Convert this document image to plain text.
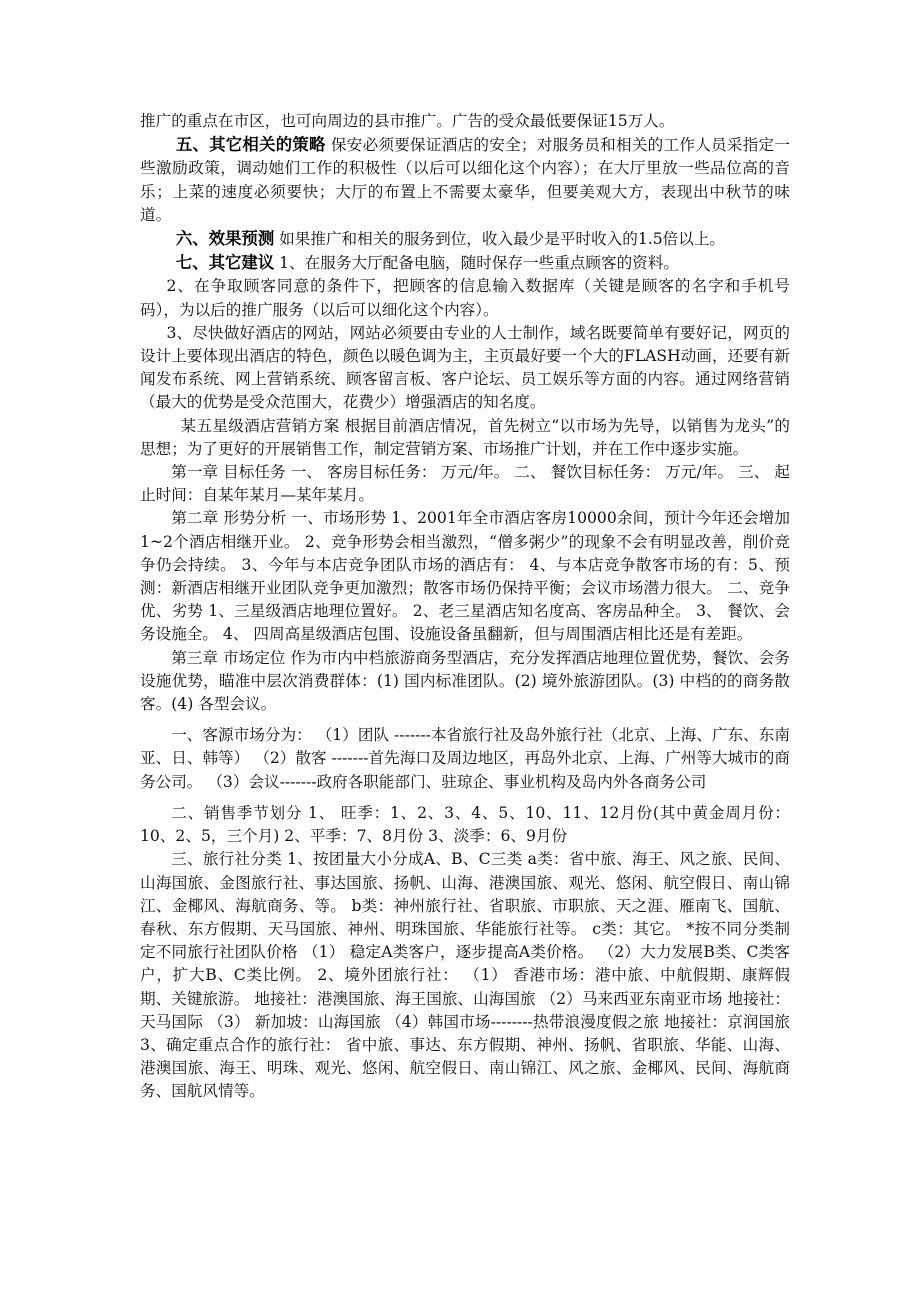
推广的重点在市区，也可向周边的县市推广。广告的受众最低要保证15万人。

五、其它相关的策略 保安必须要保证酒店的安全；对服务员和相关的工作人员采指定一些激励政策，调动她们工作的积极性（以后可以细化这个内容）；在大厅里放一些品位高的音乐；上菜的速度必须要快；大厅的布置上不需要太豪华，但要美观大方，表现出中秋节的味道。

六、效果预测 如果推广和相关的服务到位，收入最少是平时收入的1.5倍以上。

七、其它建议 1、在服务大厅配备电脑，随时保存一些重点顾客的资料。

2、在争取顾客同意的条件下，把顾客的信息输入数据库（关键是顾客的名字和手机号码），为以后的推广服务（以后可以细化这个内容）。

3、尽快做好酒店的网站，网站必须要由专业的人士制作，域名既要简单有要好记，网页的设计上要体现出酒店的特色，颜色以暖色调为主，主页最好要一个大的FLASH动画，还要有新闻发布系统、网上营销系统、顾客留言板、客户论坛、员工娱乐等方面的内容。通过网络营销（最大的优势是受众范围大，花费少）增强酒店的知名度。

某五星级酒店营销方案 根据目前酒店情况，首先树立“以市场为先导，以销售为龙头”的思想；为了更好的开展销售工作，制定营销方案、市场推广计划，并在工作中逐步实施。

第一章 目标任务 一、 客房目标任务： 万元/年。 二、 餐饮目标任务： 万元/年。 三、 起止时间：自某年某月—某年某月。

第二章 形势分析 一、市场形势 1、2001年全市酒店客房10000余间，预计今年还会增加1~2个酒店相继开业。 2、竞争形势会相当激烈，“僧多粥少”的现象不会有明显改善，削价竞争仍会持续。 3、今年与本店竞争团队市场的酒店有： 4、与本店竞争散客市场的有：5、预测：新酒店相继开业团队竞争更加激烈；散客市场仍保持平衡；会议市场潜力很大。 二、竞争优、劣势 1、三星级酒店地理位置好。 2、老三星酒店知名度高、客房品种全。 3、 餐饮、会务设施全。 4、 四周高星级酒店包围、设施设备虽翻新，但与周围酒店相比还是有差距。

第三章 市场定位 作为市内中档旅游商务型酒店，充分发挥酒店地理位置优势，餐饮、会务设施优势，瞄准中层次消费群体：(1) 国内标准团队。(2) 境外旅游团队。(3) 中档的的商务散客。(4) 各型会议。

一、客源市场分为： （1）团队 -------本省旅行社及岛外旅行社（北京、上海、广东、东南亚、日、韩等） （2）散客 -------首先海口及周边地区，再岛外北京、上海、广州等大城市的商务公司。 （3）会议-------政府各职能部门、驻琼企、事业机构及岛内外各商务公司

二、销售季节划分 1、 旺季：1、2、3、4、5、10、11、12月份(其中黄金周月份：10、2、5，三个月) 2、平季：7、8月份 3、淡季：6、9月份

三、旅行社分类 1、按团量大小分成A、B、C三类 a类：省中旅、海王、风之旅、民间、山海国旅、金图旅行社、事达国旅、扬帆、山海、港澳国旅、观光、悠闲、航空假日、南山锦江、金椰风、海航商务、等。 b类：神州旅行社、省职旅、市职旅、天之涯、雁南飞、国航、春秋、东方假期、天马国旅、神州、明珠国旅、华能旅行社等。 c类：其它。 *按不同分类制定不同旅行社团队价格 （1） 稳定A类客户，逐步提高A类价格。 （2）大力发展B类、C类客户，扩大B、C类比例。 2、境外团旅行社： （1） 香港市场：港中旅、中航假期、康辉假期、关键旅游。 地接社：港澳国旅、海王国旅、山海国旅 （2）马来西亚东南亚市场 地接社：天马国际 （3） 新加坡：山海国旅 （4）韩国市场--------热带浪漫度假之旅 地接社：京润国旅 3、确定重点合作的旅行社： 省中旅、事达、东方假期、神州、扬帆、省职旅、华能、山海、港澳国旅、海王、明珠、观光、悠闲、航空假日、南山锦江、风之旅、金椰风、民间、海航商务、国航风情等。
